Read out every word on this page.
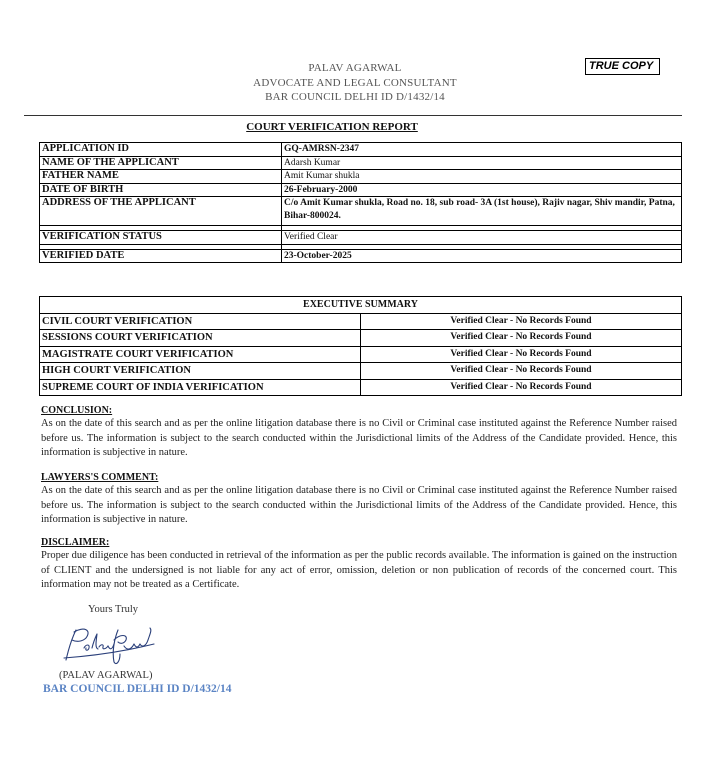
TRUE COPY
PALAV AGARWAL
ADVOCATE AND LEGAL CONSULTANT
BAR COUNCIL DELHI ID D/1432/14
COURT VERIFICATION REPORT
APPLICATION ID	GQ-AMRSN-2347
NAME OF THE APPLICANT	Adarsh Kumar
FATHER NAME	Amit Kumar shukla
DATE OF BIRTH	26-February-2000
ADDRESS OF THE APPLICANT	C/o Amit Kumar shukla, Road no. 18, sub road- 3A (1st house), Rajiv nagar, Shiv mandir, Patna, Bihar-800024.

VERIFICATION STATUS	Verified Clear

VERIFIED DATE	23-October-2025
EXECUTIVE SUMMARY	
CIVIL COURT VERIFICATION	Verified Clear - No Records Found
SESSIONS COURT VERIFICATION	Verified Clear - No Records Found
MAGISTRATE COURT VERIFICATION	Verified Clear - No Records Found
HIGH COURT VERIFICATION	Verified Clear - No Records Found
SUPREME COURT OF INDIA VERIFICATION	Verified Clear - No Records Found
CONCLUSION:
As on the date of this search and as per the online litigation database there is no Civil or Criminal case instituted against the Reference Number raised before us. The information is subject to the search conducted within the Jurisdictional limits of the Address of the Candidate provided. Hence, this information is subjective in nature.
LAWYERS'S COMMENT:
As on the date of this search and as per the online litigation database there is no Civil or Criminal case instituted against the Reference Number raised before us. The information is subject to the search conducted within the Jurisdictional limits of the Address of the Candidate provided. Hence, this information is subjective in nature.
DISCLAIMER:
Proper due diligence has been conducted in retrieval of the information as per the public records available. The information is gained on the instruction of CLIENT and the undersigned is not liable for any act of error, omission, deletion or non publication of records of the concerned court. This information may not be treated as a Certificate.
Yours Truly
(PALAV AGARWAL)
BAR COUNCIL DELHI ID D/1432/14
